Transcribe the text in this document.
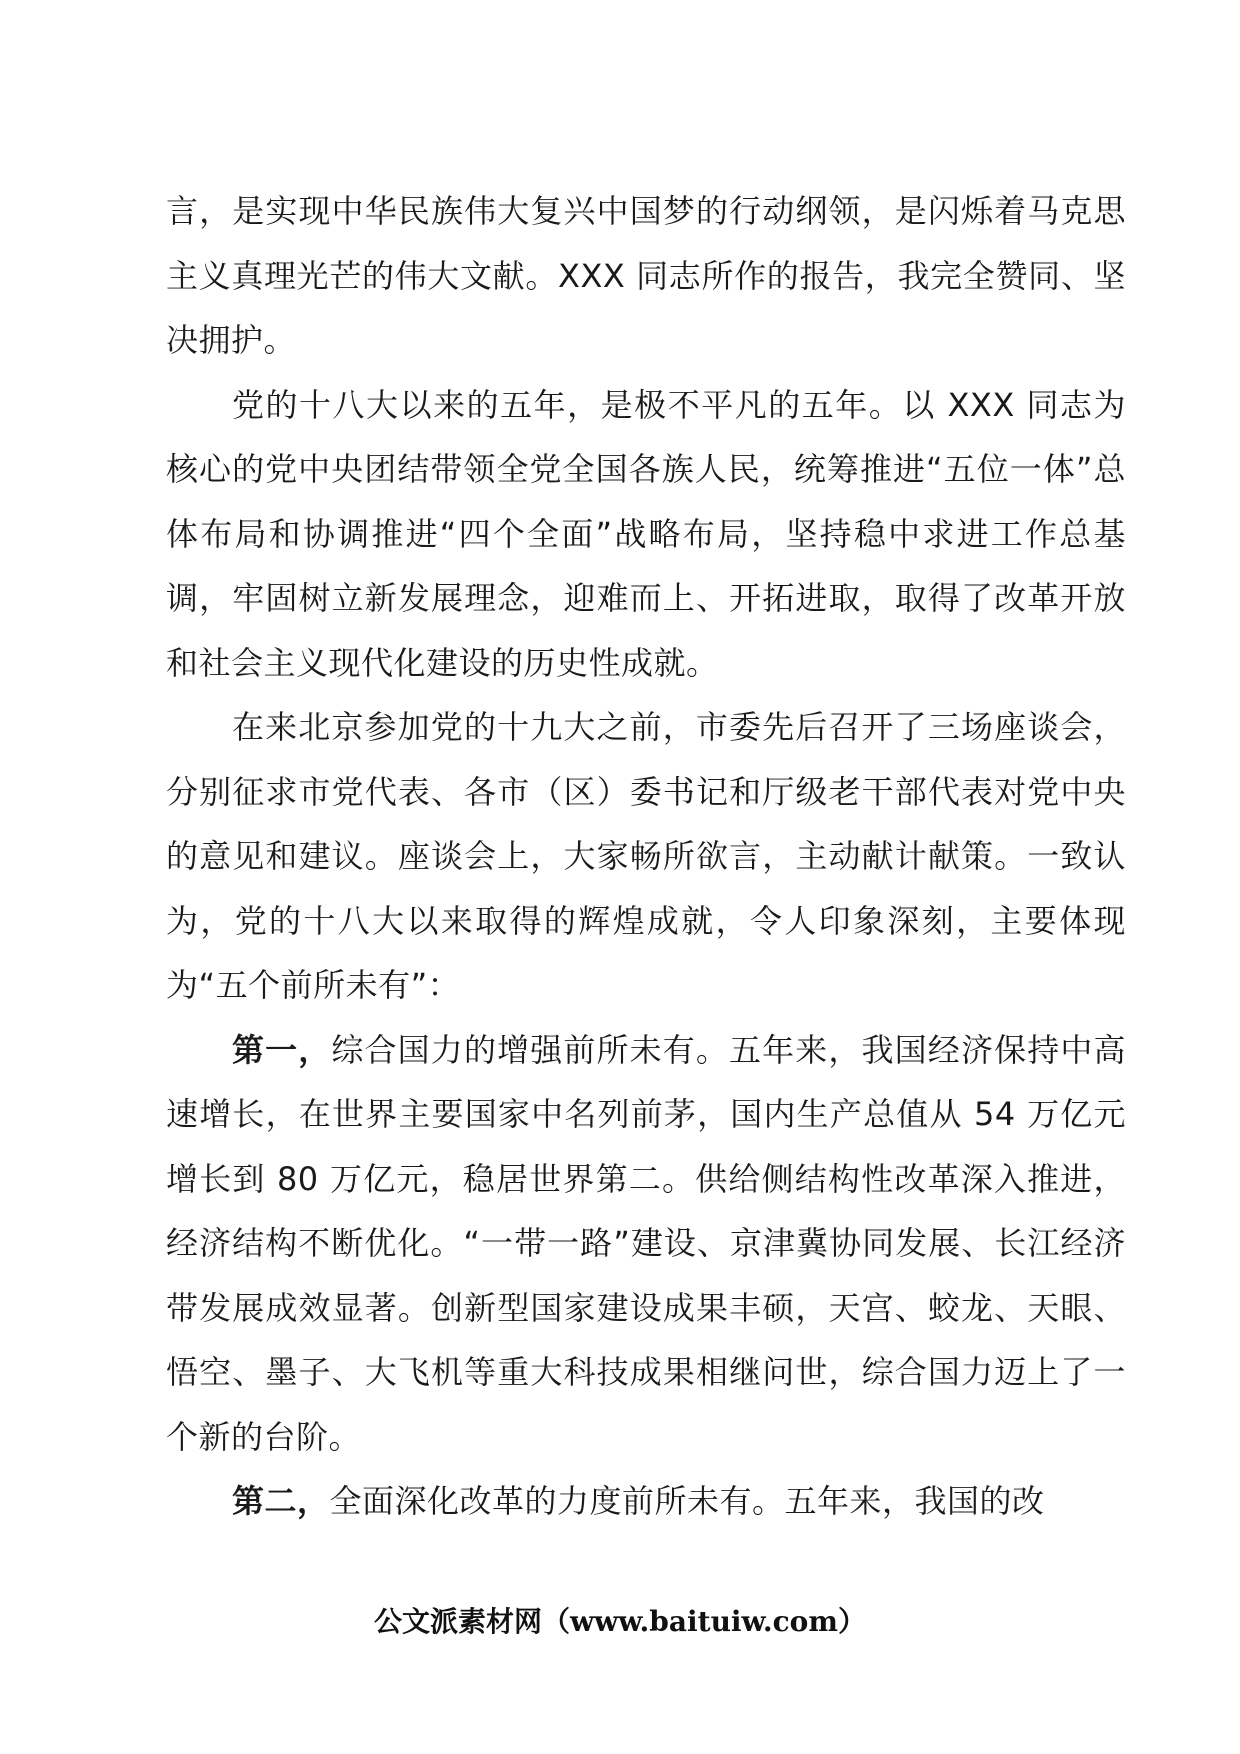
言，是实现中华民族伟大复兴中国梦的行动纲领，是闪烁着马克思主义真理光芒的伟大文献。XXX 同志所作的报告，我完全赞同、坚决拥护。

党的十八大以来的五年，是极不平凡的五年。以 XXX 同志为核心的党中央团结带领全党全国各族人民，统筹推进“五位一体”总体布局和协调推进“四个全面”战略布局，坚持稳中求进工作总基调，牢固树立新发展理念，迎难而上、开拓进取，取得了改革开放和社会主义现代化建设的历史性成就。

在来北京参加党的十九大之前，市委先后召开了三场座谈会，分别征求市党代表、各市（区）委书记和厅级老干部代表对党中央的意见和建议。座谈会上，大家畅所欲言，主动献计献策。一致认为，党的十八大以来取得的辉煌成就，令人印象深刻，主要体现为“五个前所未有”：

第一，综合国力的增强前所未有。五年来，我国经济保持中高速增长，在世界主要国家中名列前茅，国内生产总值从 54 万亿元增长到 80 万亿元，稳居世界第二。供给侧结构性改革深入推进，经济结构不断优化。“一带一路”建设、京津冀协同发展、长江经济带发展成效显著。创新型国家建设成果丰硕，天宫、蛟龙、天眼、悟空、墨子、大飞机等重大科技成果相继问世，综合国力迈上了一个新的台阶。

第二，全面深化改革的力度前所未有。五年来，我国的改

公文派素材网（www.baituiw.com）
